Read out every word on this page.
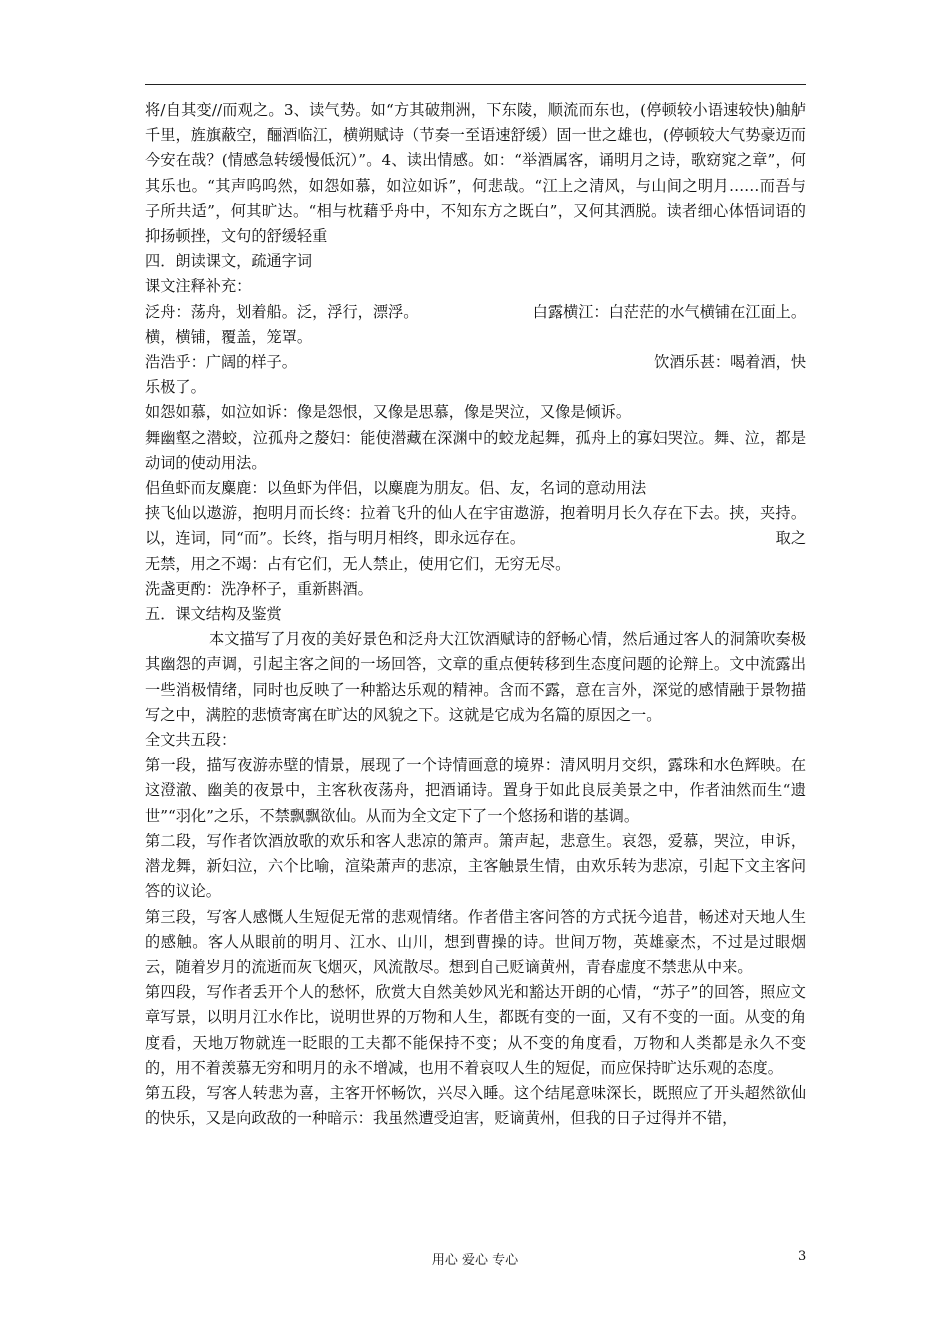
将/自其变//而观之。3、读气势。如“方其破荆洲，下东陵，顺流而东也，(停顿较小语速较快)舳舻千里，旌旗蔽空，酾酒临江，横朔赋诗（节奏一至语速舒缓）固一世之雄也，(停顿较大气势豪迈而今安在哉？(情感急转缓慢低沉）”。4、读出情感。如：“举酒属客，诵明月之诗，歌窈窕之章”，何其乐也。“其声呜呜然，如怨如慕，如泣如诉”，何悲哉。“江上之清风，与山间之明月……而吾与子所共适”，何其旷达。“相与枕藉乎舟中，不知东方之既白”，又何其洒脱。读者细心体悟词语的抑扬顿挫，文句的舒缓轻重

四．朗读课文，疏通字词

课文注释补充：

泛舟：荡舟，划着船。泛，浮行，漂浮。	白露横江：白茫茫的水气横铺在江面上。

横，横铺，覆盖，笼罩。

浩浩乎：广阔的样子。	饮酒乐甚：喝着酒，快

乐极了。

如怨如慕，如泣如诉：像是怨恨，又像是思慕，像是哭泣，又像是倾诉。

舞幽壑之潜蛟，泣孤舟之嫠妇：能使潜藏在深渊中的蛟龙起舞，孤舟上的寡妇哭泣。舞、泣，都是动词的使动用法。

侣鱼虾而友麋鹿：以鱼虾为伴侣，以麋鹿为朋友。侣、友，名词的意动用法

挟飞仙以遨游，抱明月而长终：拉着飞升的仙人在宇宙遨游，抱着明月长久存在下去。挟，夹持。以，连词，同“而”。长终，指与明月相终，即永远存在。	取之

无禁，用之不竭：占有它们，无人禁止，使用它们，无穷无尽。

洗盏更酌：洗净杯子，重新斟酒。

五．课文结构及鉴赏

本文描写了月夜的美好景色和泛舟大江饮酒赋诗的舒畅心情，然后通过客人的洞箫吹奏极其幽怨的声调，引起主客之间的一场回答，文章的重点便转移到生态度问题的论辩上。文中流露出一些消极情绪，同时也反映了一种豁达乐观的精神。含而不露，意在言外，深觉的感情融于景物描写之中，满腔的悲愤寄寓在旷达的风貌之下。这就是它成为名篇的原因之一。

全文共五段：

第一段，描写夜游赤壁的情景，展现了一个诗情画意的境界：清风明月交织，露珠和水色辉映。在这澄澈、幽美的夜景中，主客秋夜荡舟，把酒诵诗。置身于如此良辰美景之中，作者油然而生“遗世”“羽化”之乐，不禁飘飘欲仙。从而为全文定下了一个悠扬和谐的基调。

第二段，写作者饮酒放歌的欢乐和客人悲凉的箫声。箫声起，悲意生。哀怨，爱慕，哭泣，申诉，潜龙舞，新妇泣，六个比喻，渲染萧声的悲凉，主客触景生情，由欢乐转为悲凉，引起下文主客问答的议论。

第三段，写客人感慨人生短促无常的悲观情绪。作者借主客问答的方式抚今追昔，畅述对天地人生的感触。客人从眼前的明月、江水、山川，想到曹操的诗。世间万物，英雄豪杰，不过是过眼烟云，随着岁月的流逝而灰飞烟灭，风流散尽。想到自己贬谪黄州，青春虚度不禁悲从中来。

第四段，写作者丢开个人的愁怀，欣赏大自然美妙风光和豁达开朗的心情，“苏子”的回答，照应文章写景，以明月江水作比，说明世界的万物和人生，都既有变的一面，又有不变的一面。从变的角度看，天地万物就连一眨眼的工夫都不能保持不变；从不变的角度看，万物和人类都是永久不变的，用不着羡慕无穷和明月的永不增减，也用不着哀叹人生的短促，而应保持旷达乐观的态度。

第五段，写客人转悲为喜，主客开怀畅饮，兴尽入睡。这个结尾意味深长，既照应了开头超然欲仙的快乐，又是向政敌的一种暗示：我虽然遭受迫害，贬谪黄州，但我的日子过得并不错，

用心 爱心 专心	3
